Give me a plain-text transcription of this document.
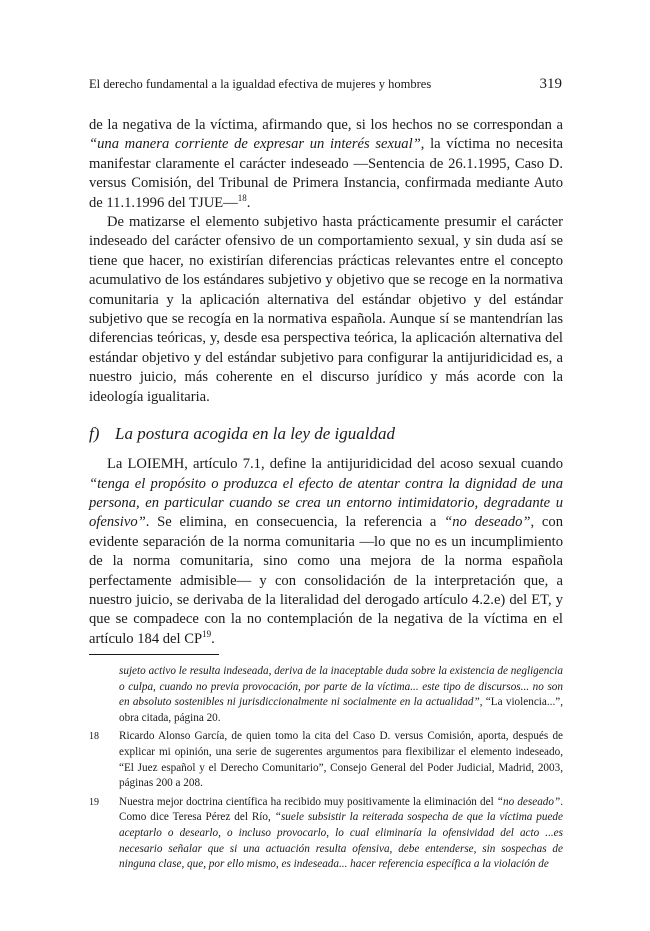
El derecho fundamental a la igualdad efectiva de mujeres y hombres	319

de la negativa de la víctima, afirmando que, si los hechos no se correspondan a “una manera corriente de expresar un interés sexual”, la víctima no necesita manifestar claramente el carácter indeseado —Sentencia de 26.1.1995, Caso D. versus Comisión, del Tribunal de Primera Instancia, confirmada mediante Auto de 11.1.1996 del TJUE—$^{18}$.

De matizarse el elemento subjetivo hasta prácticamente presumir el carácter indeseado del carácter ofensivo de un comportamiento sexual, y sin duda así se tiene que hacer, no existirían diferencias prácticas relevantes entre el concepto acumulativo de los estándares subjetivo y objetivo que se recoge en la normativa comunitaria y la aplicación alternativa del estándar objetivo y del estándar subjetivo que se recogía en la normativa española. Aunque sí se mantendrían las diferencias teóricas, y, desde esa perspectiva teórica, la aplicación alternativa del estándar objetivo y del estándar subjetivo para configurar la antijuridicidad es, a nuestro juicio, más coherente en el discurso jurídico y más acorde con la ideología igualitaria.

f) La postura acogida en la ley de igualdad

La LOIEMH, artículo 7.1, define la antijuridicidad del acoso sexual cuando “tenga el propósito o produzca el efecto de atentar contra la dignidad de una persona, en particular cuando se crea un entorno intimidatorio, degradante u ofensivo”. Se elimina, en consecuencia, la referencia a “no deseado”, con evidente separación de la norma comunitaria —lo que no es un incumplimiento de la norma comunitaria, sino como una mejora de la norma española perfectamente admisible— y con consolidación de la interpretación que, a nuestro juicio, se derivaba de la literalidad del derogado artículo 4.2.e) del ET, y que se compadece con la no contemplación de la negativa de la víctima en el artículo 184 del CP$^{19}$.

sujeto activo le resulta indeseada, deriva de la inaceptable duda sobre la existencia de negligencia o culpa, cuando no previa provocación, por parte de la víctima... este tipo de discursos... no son en absoluto sostenibles ni jurisdiccionalmente ni socialmente en la actualidad”, “La violencia...”, obra citada, página 20.
18	Ricardo Alonso García, de quien tomo la cita del Caso D. versus Comisión, aporta, después de explicar mi opinión, una serie de sugerentes argumentos para flexibilizar el elemento indeseado, “El Juez español y el Derecho Comunitario”, Consejo General del Poder Judicial, Madrid, 2003, páginas 200 a 208.
19	Nuestra mejor doctrina científica ha recibido muy positivamente la eliminación del “no deseado”. Como dice Teresa Pérez del Río, “suele subsistir la reiterada sospecha de que la víctima puede aceptarlo o desearlo, o incluso provocarlo, lo cual eliminaría la ofensividad del acto ...es necesario señalar que si una actuación resulta ofensiva, debe entenderse, sin sospechas de ninguna clase, que, por ello mismo, es indeseada... hacer referencia específica a la violación de
